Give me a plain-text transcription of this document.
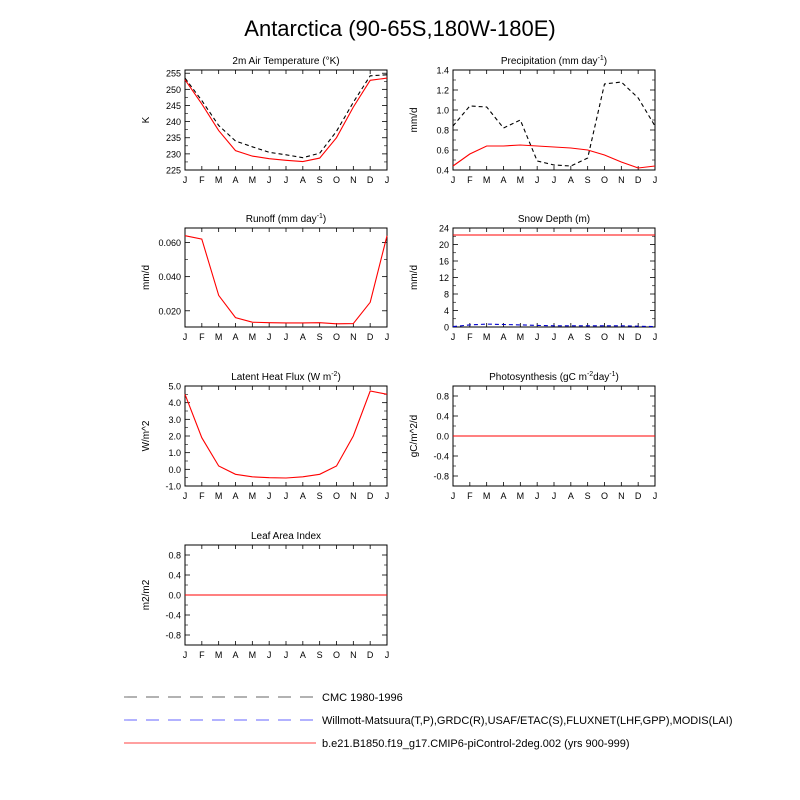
Antarctica (90-65S,180W-180E)
2m Air Temperature (°K)
J F M A M J J A S O N D J
225
230
235
240
245
250
255
K
Precipitation (mm day$^{-1}$)
J F M A M J J A S O N D J
0.4
0.6
0.8
1.0
1.2
1.4
mm/d
Runoff (mm day$^{-1}$)
J F M A M J J A S O N D J
0.020
0.040
0.060
mm/d
Snow Depth (m)
J F M A M J J A S O N D J
0
4
8
12
16
20
24
mm/d
Latent Heat Flux (W $m^{-2}$)
J F M A M J J A S O N D J
-1.0
0.0
1.0
2.0
3.0
4.0
5.0
W/m^2
Photosynthesis (gC $m^{-2}day^{-1}$)
J F M A M J J A S O N D J
-0.8
-0.4
0.0
0.4
0.8
gC/m^2/d
Leaf Area Index
J F M A M J J A S O N D J
-0.8
-0.4
0.0
0.4
0.8
m2/m2
CMC 1980-1996
Willmott-Matsuura(T,P),GRDC(R),USAF/ETAC(S),FLUXNET(LHF,GPP),MODIS(LAI)
b.e21.B1850.f19_g17.CMIP6-piControl-2deg.002 (yrs 900-999)
